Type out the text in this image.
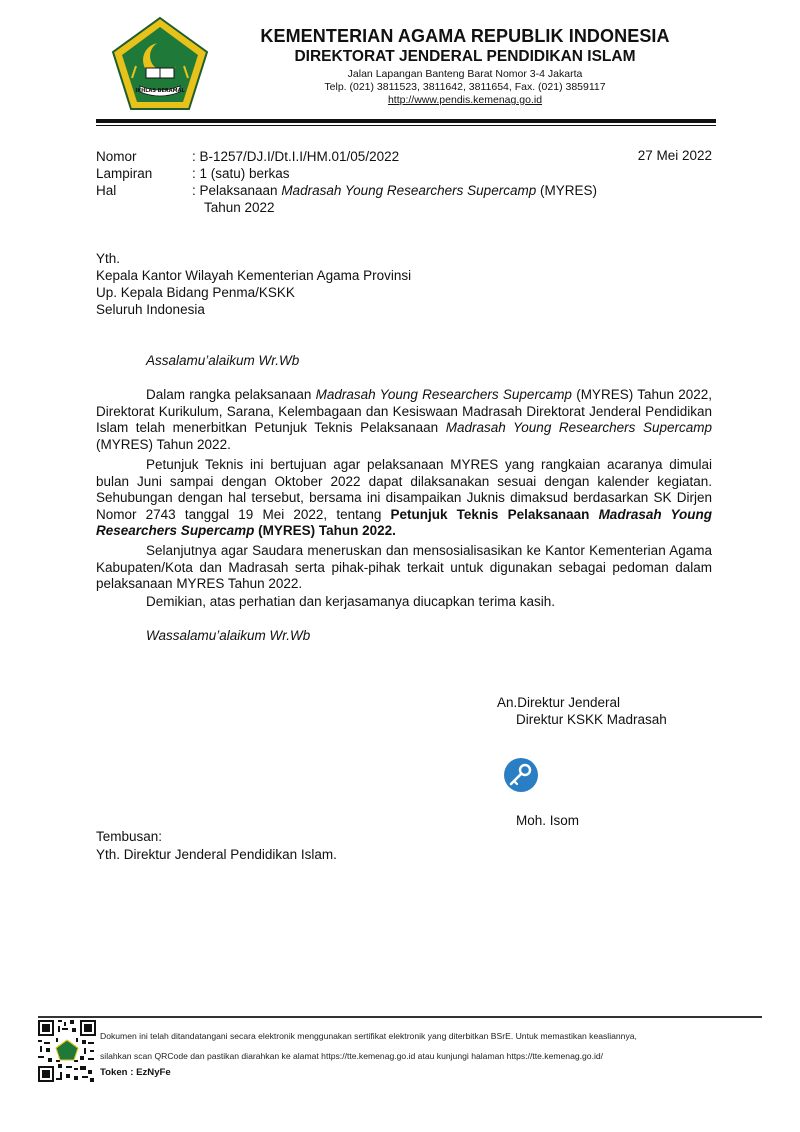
IKHLAS BERAMAL
KEMENTERIAN AGAMA REPUBLIK INDONESIA
DIREKTORAT JENDERAL PENDIDIKAN ISLAM
Jalan Lapangan Banteng Barat Nomor 3-4 Jakarta
Telp. (021) 3811523, 3811642, 3811654, Fax. (021) 3859117
http://www.pendis.kemenag.go.id
Nomor	: B-1257/DJ.I/Dt.I.I/HM.01/05/2022	27 Mei 2022
Lampiran	: 1 (satu) berkas
Hal	: Pelaksanaan Madrasah Young Researchers Supercamp (MYRES)
Tahun 2022
Yth.
Kepala Kantor Wilayah Kementerian Agama Provinsi
Up. Kepala Bidang Penma/KSKK
Seluruh Indonesia
Assalamu’alaikum Wr.Wb
Dalam rangka pelaksanaan Madrasah Young Researchers Supercamp (MYRES) Tahun 2022, Direktorat Kurikulum, Sarana, Kelembagaan dan Kesiswaan Madrasah Direktorat Jenderal Pendidikan Islam telah menerbitkan Petunjuk Teknis Pelaksanaan Madrasah Young Researchers Supercamp (MYRES) Tahun 2022.
Petunjuk Teknis ini bertujuan agar pelaksanaan MYRES yang rangkaian acaranya dimulai bulan Juni sampai dengan Oktober 2022 dapat dilaksanakan sesuai dengan kalender kegiatan. Sehubungan dengan hal tersebut, bersama ini disampaikan Juknis dimaksud berdasarkan SK Dirjen Nomor 2743 tanggal 19 Mei 2022, tentang Petunjuk Teknis Pelaksanaan Madrasah Young Researchers Supercamp (MYRES) Tahun 2022.
Selanjutnya agar Saudara meneruskan dan mensosialisasikan ke Kantor Kementerian Agama Kabupaten/Kota dan Madrasah serta pihak-pihak terkait untuk digunakan sebagai pedoman dalam pelaksanaan MYRES Tahun 2022.
Demikian, atas perhatian dan kerjasamanya diucapkan terima kasih.
Wassalamu’alaikum Wr.Wb
An.Direktur Jenderal
Direktur KSKK Madrasah
Moh. Isom
Tembusan:
Yth. Direktur Jenderal Pendidikan Islam.
Dokumen ini telah ditandatangani secara elektronik menggunakan sertifikat elektronik yang diterbitkan BSrE. Untuk memastikan keasliannya,
silahkan scan QRCode dan pastikan diarahkan ke alamat https://tte.kemenag.go.id atau kunjungi halaman https://tte.kemenag.go.id/
Token : EzNyFe
